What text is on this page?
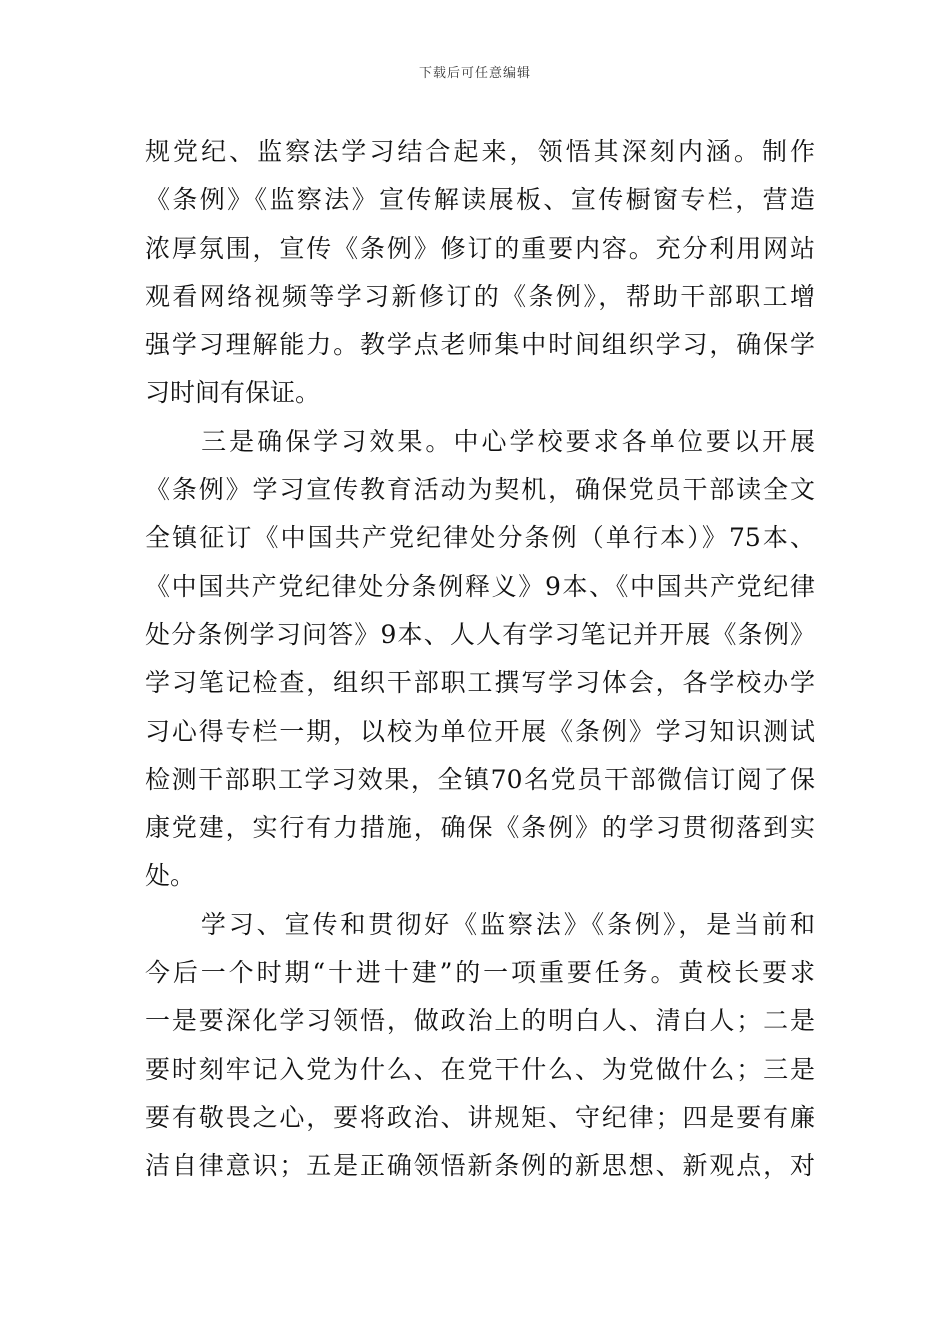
下载后可任意编辑
规党纪、监察法学习结合起来，领悟其深刻内涵。制作
《条例》《监察法》宣传解读展板、宣传橱窗专栏，营造
浓厚氛围，宣传《条例》修订的重要内容。充分利用网站
观看网络视频等学习新修订的《条例》，帮助干部职工增
强学习理解能力。教学点老师集中时间组织学习，确保学
习时间有保证。
　　三是确保学习效果。中心学校要求各单位要以开展
《条例》学习宣传教育活动为契机，确保党员干部读全文
全镇征订《中国共产党纪律处分条例（单行本）》75本、
《中国共产党纪律处分条例释义》9本、《中国共产党纪律
处分条例学习问答》9本、人人有学习笔记并开展《条例》
学习笔记检查，组织干部职工撰写学习体会，各学校办学
习心得专栏一期，以校为单位开展《条例》学习知识测试
检测干部职工学习效果，全镇70名党员干部微信订阅了保
康党建，实行有力措施，确保《条例》的学习贯彻落到实
处。
　　学习、宣传和贯彻好《监察法》《条例》，是当前和
今后一个时期“十进十建”的一项重要任务。黄校长要求
一是要深化学习领悟，做政治上的明白人、清白人；二是
要时刻牢记入党为什么、在党干什么、为党做什么；三是
要有敬畏之心，要将政治、讲规矩、守纪律；四是要有廉
洁自律意识；五是正确领悟新条例的新思想、新观点，对
